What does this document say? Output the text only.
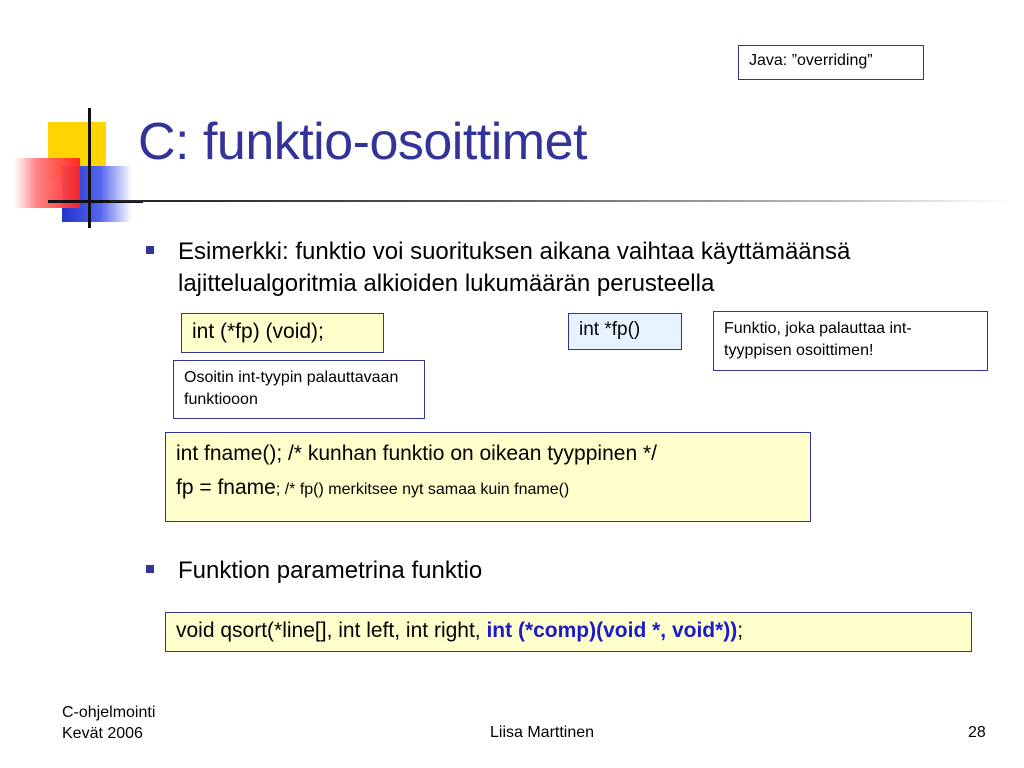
C: funktio-osoittimet
Java: ”overriding”
Esimerkki: funktio voi suorituksen aikana vaihtaa käyttämäänsä lajittelualgoritmia alkioiden lukumäärän perusteella
int (*fp) (void);	int *fp()	Funktio, joka palauttaa int-tyyppisen osoittimen!
Osoitin int-tyypin palauttavaan funktiooon
int fname(); /* kunhan funktio on oikean tyyppinen */
fp = fname; /* fp() merkitsee nyt samaa kuin fname()
Funktion parametrina funktio
void qsort(*line[], int left, int right, int (*comp)(void *, void*));
C-ohjelmointi
Kevät 2006	Liisa Marttinen	28
